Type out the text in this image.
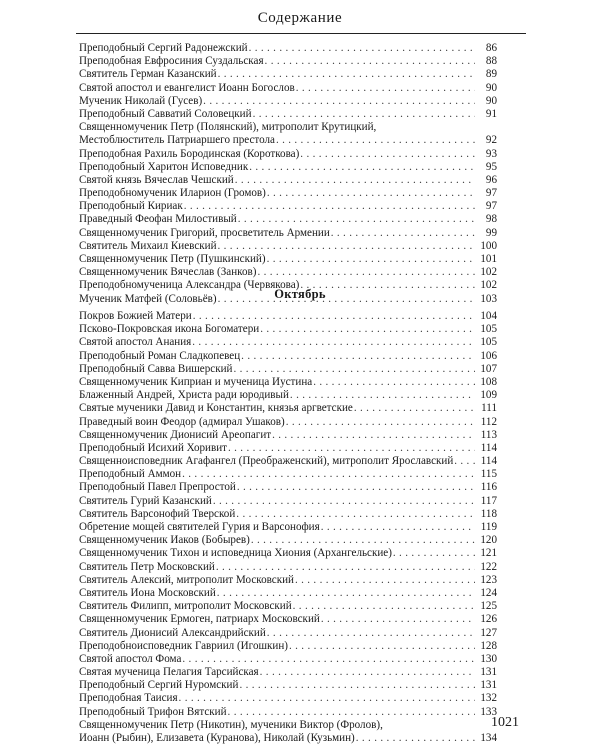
Содержание
Преподобный Сергий Радонежский . . .	86
Преподобная Евфросиния Суздальская . . .	88
Святитель Герман Казанский . . .	89
Святой апостол и евангелист Иоанн Богослов . . .	90
Мученик Николай (Гусев) . . .	90
Преподобный Савватий Соловецкий . . .	91
Священномученик Петр (Полянский), митрополит Крутицкий,
Местоблюститель Патриаршего престола . . .	92
Преподобная Рахиль Бородинская (Короткова) . . .	93
Преподобный Харитон Исповедник . . .	95
Святой князь Вячеслав Чешский . . .	96
Преподобномученик Иларион (Громов) . . .	97
Преподобный Кириак . . .	97
Праведный Феофан Милостивый . . .	98
Священномученик Григорий, просветитель Армении . . .	99
Святитель Михаил Киевский . . .	100
Священномученик Петр (Пушкинский) . . .	101
Священномученик Вячеслав (Занков) . . .	102
Преподобномученица Александра (Червякова) . . .	102
Мученик Матфей (Соловьёв) . . .	103
Октябрь
Покров Божией Матери . . .	104
Псково-Покровская икона Богоматери . . .	105
Святой апостол Анания . . .	105
Преподобный Роман Сладкопевец . . .	106
Преподобный Савва Вишерский . . .	107
Священномученик Киприан и мученица Иустина . . .	108
Блаженный Андрей, Христа ради юродивый . . .	109
Святые мученики Давид и Константин, князья аргветские . . .	111
Праведный воин Феодор (адмирал Ушаков) . . .	112
Священномученик Дионисий Ареопагит . . .	113
Преподобный Исихий Хоривит . . .	114
Священноисповедник Агафангел (Преображенский), митрополит Ярославский . . .	114
Преподобный Аммон . . .	115
Преподобный Павел Препростой . . .	116
Святитель Гурий Казанский . . .	117
Святитель Варсонофий Тверской . . .	118
Обретение мощей святителей Гурия и Варсонофия . . .	119
Священномученик Иаков (Бобырев) . . .	120
Священномученик Тихон и исповедница Хиония (Архангельские) . . .	121
Святитель Петр Московский . . .	122
Святитель Алексий, митрополит Московский . . .	123
Святитель Иона Московский . . .	124
Святитель Филипп, митрополит Московский . . .	125
Священномученик Ермоген, патриарх Московский . . .	126
Святитель Дионисий Александрийский . . .	127
Преподобноисповедник Гавриил (Игошкин) . . .	128
Святой апостол Фома . . .	130
Святая мученица Пелагия Тарсийская . . .	131
Преподобный Сергий Нуромский . . .	131
Преподобная Таисия . . .	132
Преподобный Трифон Вятский . . .	133
Священномученик Петр (Никотин), мученики Виктор (Фролов),
Иоанн (Рыбин), Елизавета (Куранова), Николай (Кузьмин) . . .	134
1021
